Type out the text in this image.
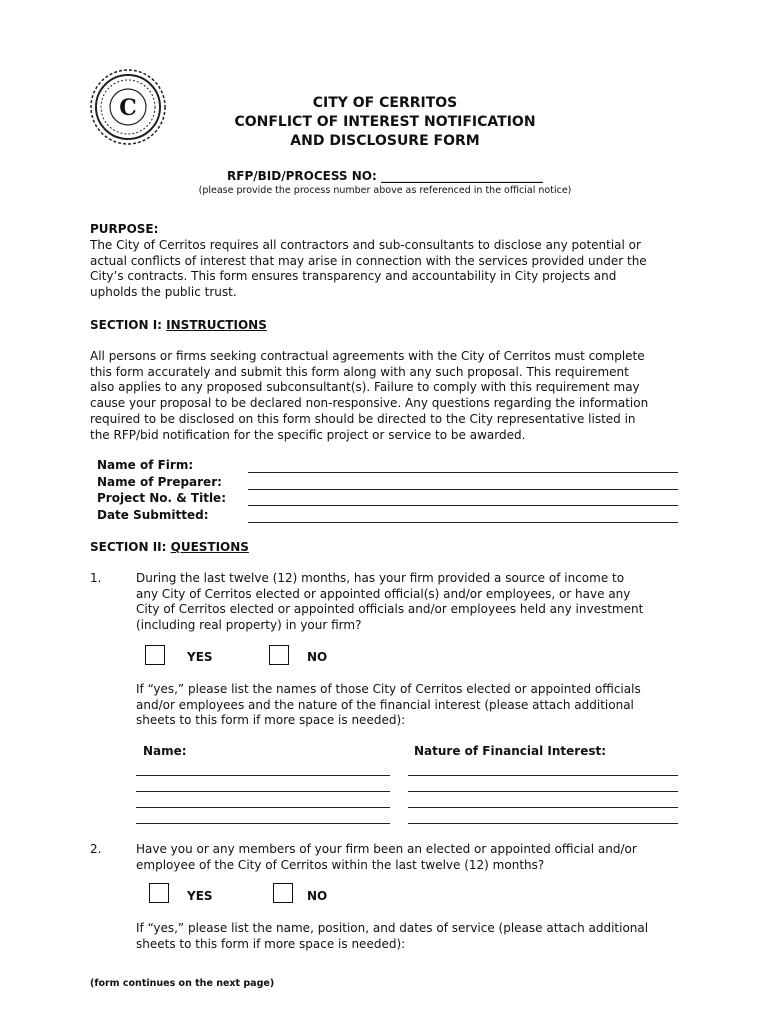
C	CITY OF CERRITOS
CONFLICT OF INTEREST NOTIFICATION
AND DISCLOSURE FORM
RFP/BID/PROCESS NO: ___________________________
(please provide the process number above as referenced in the official notice)
PURPOSE:
The City of Cerritos requires all contractors and sub-consultants to disclose any potential or
actual conflicts of interest that may arise in connection with the services provided under the
City’s contracts. This form ensures transparency and accountability in City projects and
upholds the public trust.
SECTION I: INSTRUCTIONS
All persons or firms seeking contractual agreements with the City of Cerritos must complete
this form accurately and submit this form along with any such proposal. This requirement
also applies to any proposed subconsultant(s). Failure to comply with this requirement may
cause your proposal to be declared non-responsive. Any questions regarding the information
required to be disclosed on this form should be directed to the City representative listed in
the RFP/bid notification for the specific project or service to be awarded.
Name of Firm:
Name of Preparer:
Project No. & Title:
Date Submitted:
SECTION II: QUESTIONS
1.	During the last twelve (12) months, has your firm provided a source of income to
any City of Cerritos elected or appointed official(s) and/or employees, or have any
City of Cerritos elected or appointed officials and/or employees held any investment
(including real property) in your firm?
YES	NO
If “yes,” please list the names of those City of Cerritos elected or appointed officials
and/or employees and the nature of the financial interest (please attach additional
sheets to this form if more space is needed):
Name:	Nature of Financial Interest:
2.	Have you or any members of your firm been an elected or appointed official and/or
employee of the City of Cerritos within the last twelve (12) months?
YES	NO
If “yes,” please list the name, position, and dates of service (please attach additional
sheets to this form if more space is needed):
(form continues on the next page)
